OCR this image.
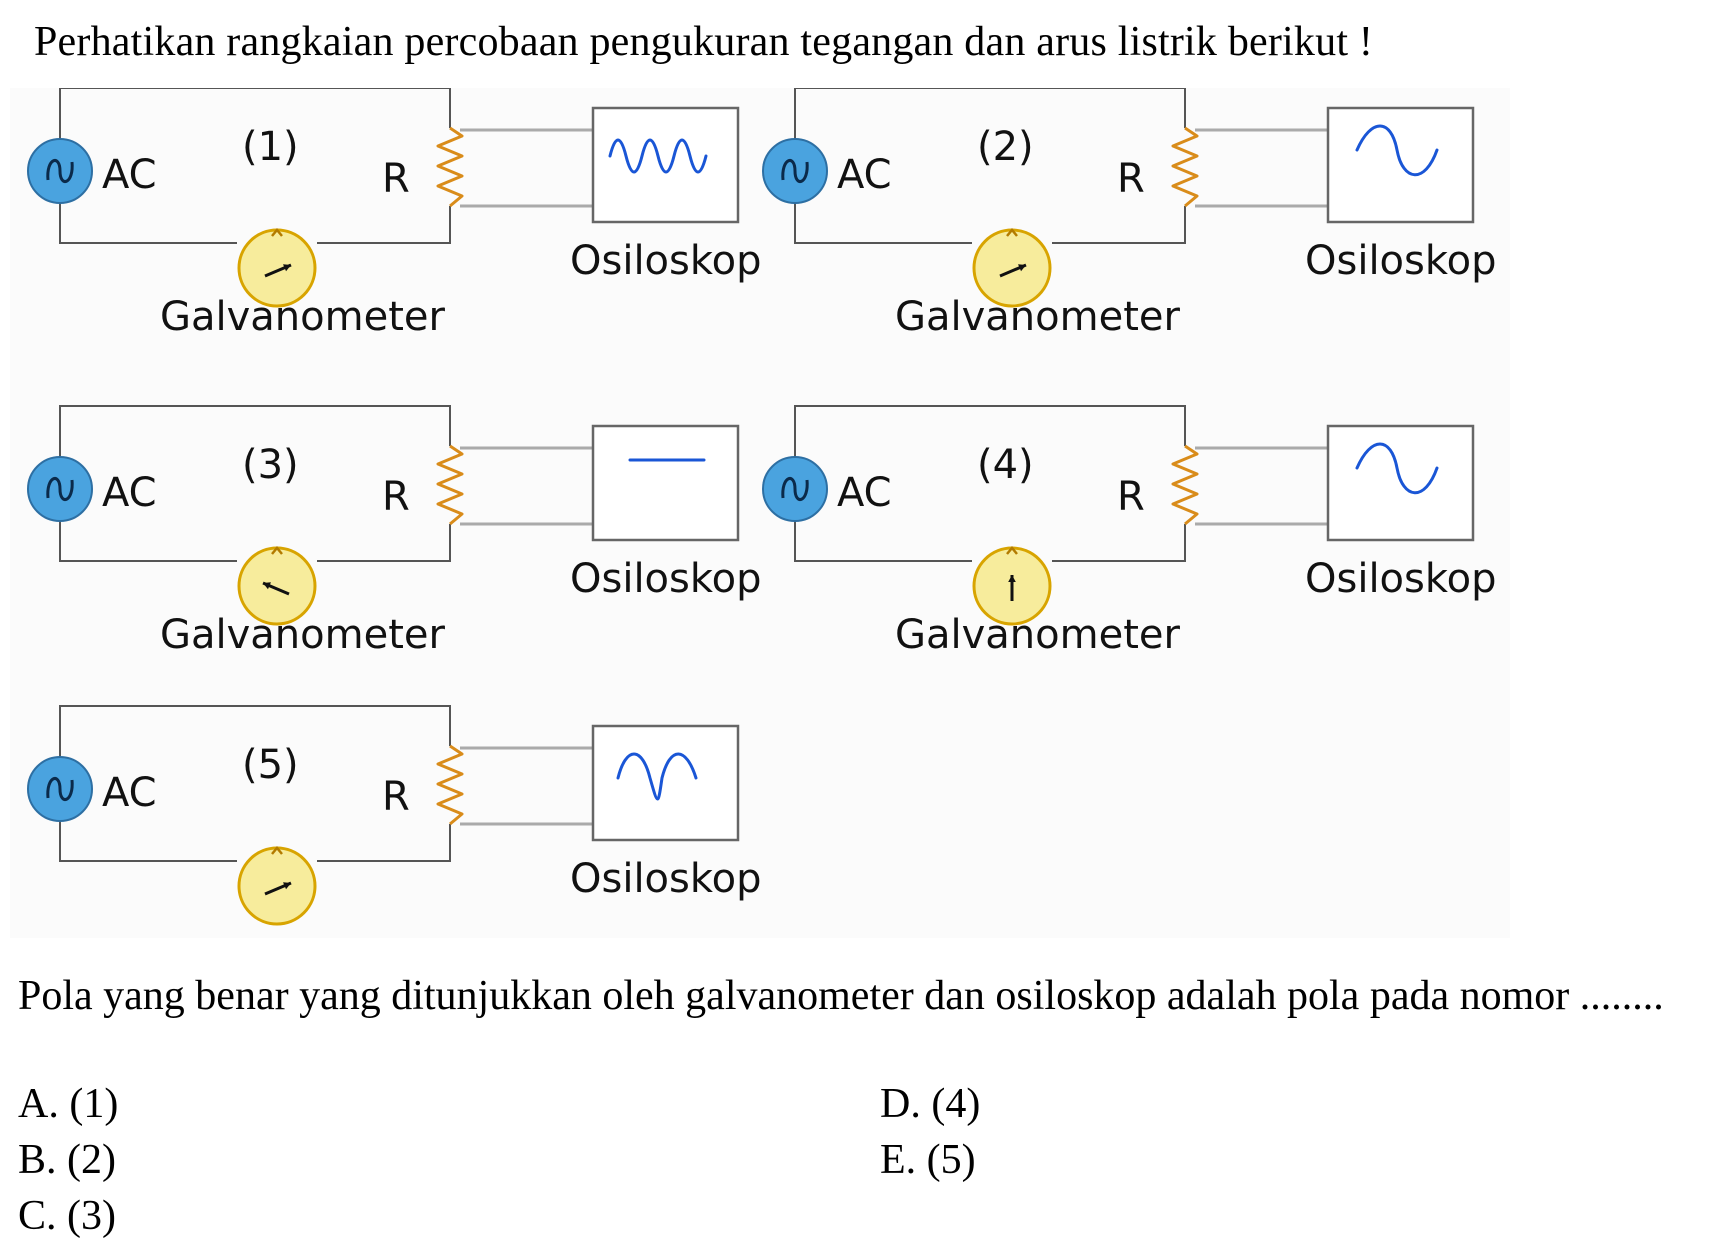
Perhatikan rangkaian percobaan pengukuran tegangan dan arus listrik berikut !
R
Osiloskop
AC
(1)
Galvanometer
R
Osiloskop
AC
(2)
Galvanometer
R
Osiloskop
AC
(3)
Galvanometer
R
Osiloskop
AC
(4)
Galvanometer
R
Osiloskop
AC
(5)
Pola yang benar yang ditunjukkan oleh galvanometer dan osiloskop adalah pola pada nomor ........
A. (1)
B. (2)
C. (3)
D. (4)
E. (5)
